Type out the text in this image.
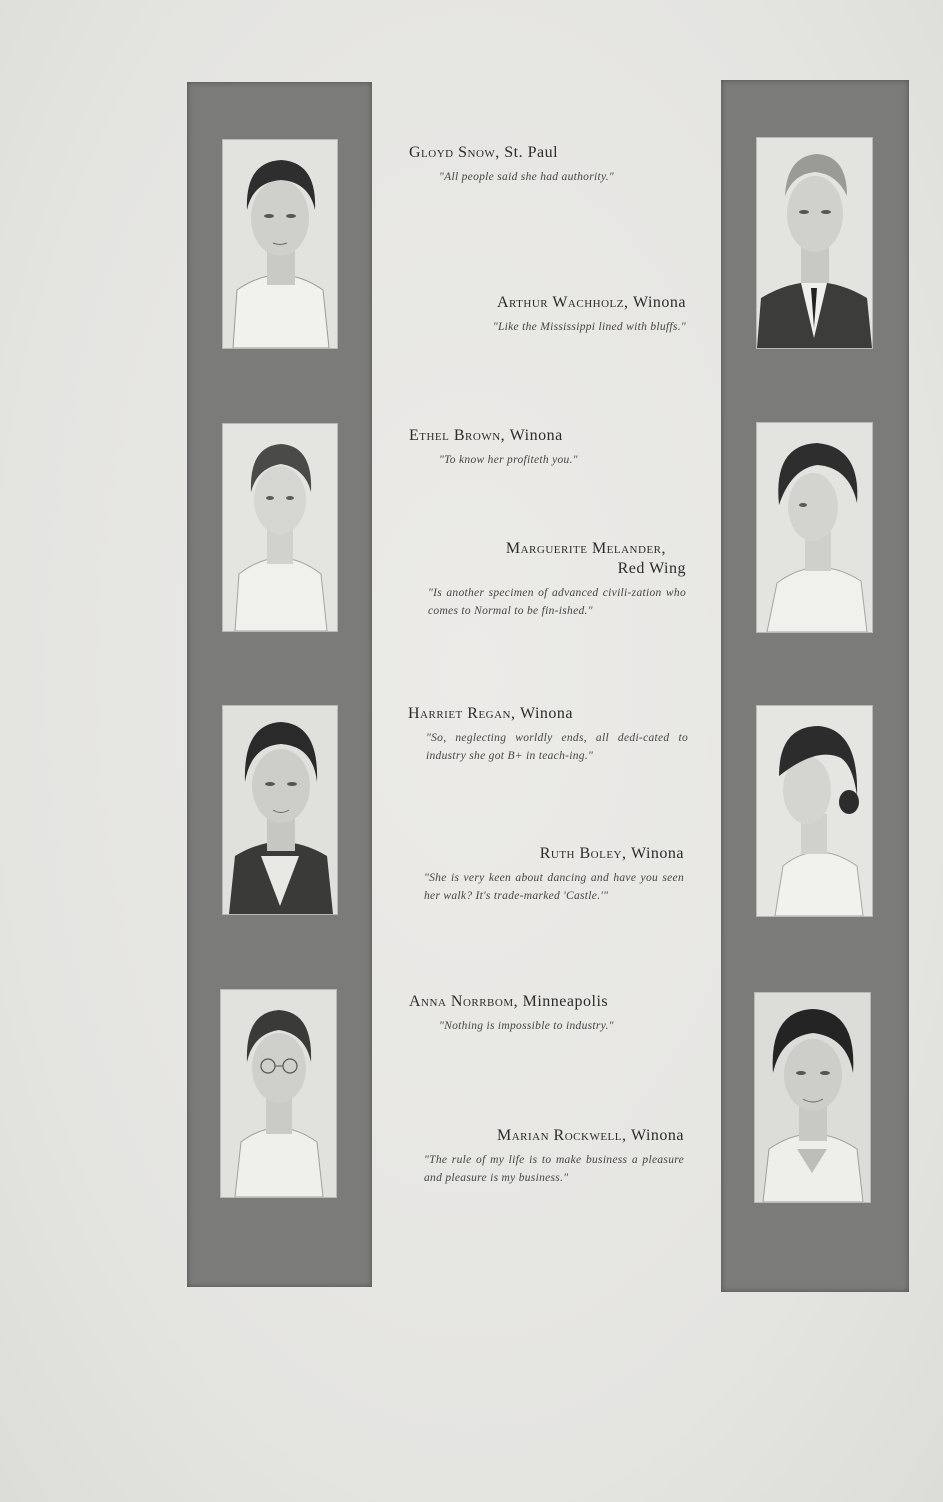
Gloyd Snow, St. Paul
"All people said she had authority."
Arthur Wachholz, Winona
"Like the Mississippi lined with bluffs."
Ethel Brown, Winona
"To know her profiteth you."
Marguerite Melander,
Red Wing
"Is another specimen of advanced civili-zation who comes to Normal to be fin-ished."
Harriet Regan, Winona
"So, neglecting worldly ends, all dedi-cated to industry she got B+ in teach-ing."
Ruth Boley, Winona
"She is very keen about dancing and have you seen her walk? It's trade-marked 'Castle.'"
Anna Norrbom, Minneapolis
"Nothing is impossible to industry."
Marian Rockwell, Winona
"The rule of my life is to make business a pleasure and pleasure is my business."
